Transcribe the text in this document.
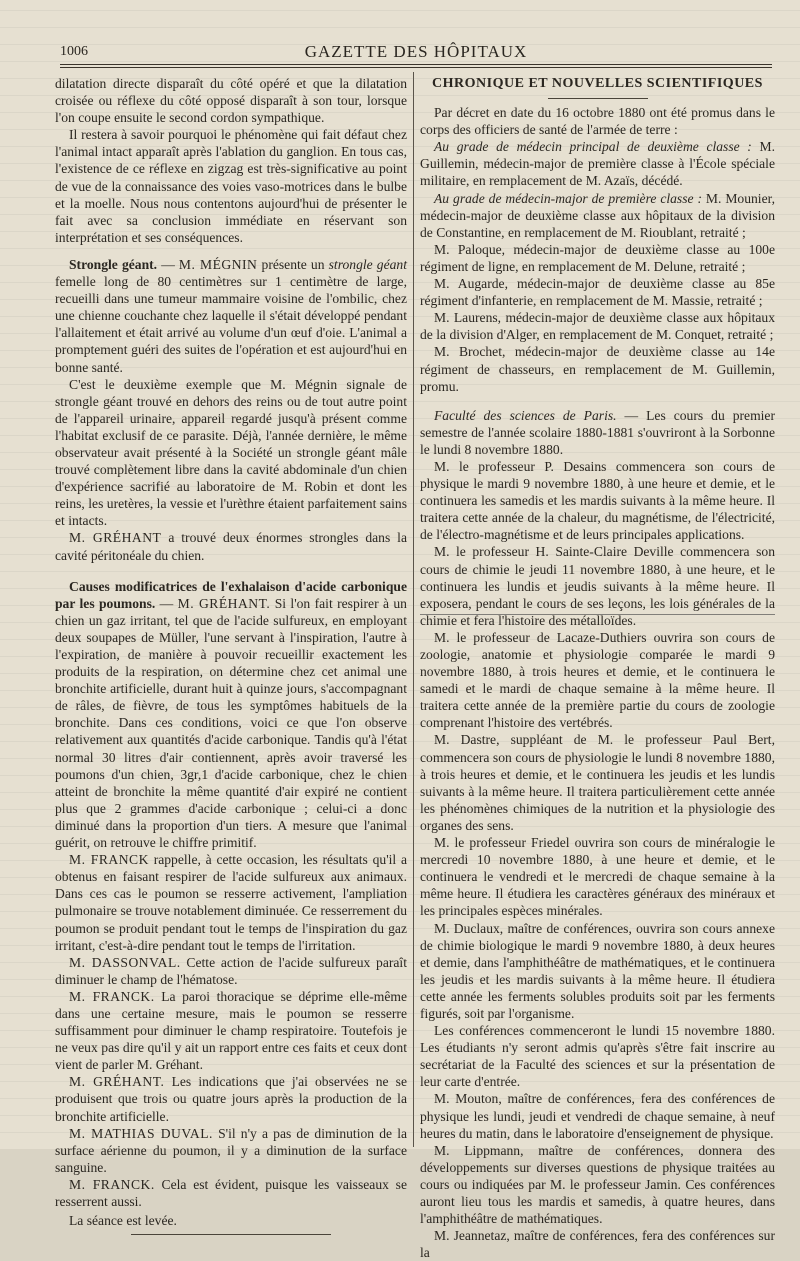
1006	GAZETTE DES HÔPITAUX

dilatation directe disparaît du côté opéré et que la dilatation croisée ou réflexe du côté opposé disparaît à son tour, lorsque l'on coupe ensuite le second cordon sympathique.

Il restera à savoir pourquoi le phénomène qui fait défaut chez l'animal intact apparaît après l'ablation du ganglion. En tous cas, l'existence de ce réflexe en zigzag est très-significative au point de vue de la connaissance des voies vaso-motrices dans le bulbe et la moelle. Nous nous contentons aujourd'hui de présenter le fait avec sa conclusion immédiate en réservant son interprétation et ses conséquences.

Strongle géant. — M. MÉGNIN présente un strongle géant femelle long de 80 centimètres sur 1 centimètre de large, recueilli dans une tumeur mammaire voisine de l'ombilic, chez une chienne couchante chez laquelle il s'était développé pendant l'allaitement et était arrivé au volume d'un œuf d'oie. L'animal a promptement guéri des suites de l'opération et est aujourd'hui en bonne santé.

C'est le deuxième exemple que M. Mégnin signale de strongle géant trouvé en dehors des reins ou de tout autre point de l'appareil urinaire, appareil regardé jusqu'à présent comme l'habitat exclusif de ce parasite. Déjà, l'année dernière, le même observateur avait présenté à la Société un strongle géant mâle trouvé complètement libre dans la cavité abdominale d'un chien d'expérience sacrifié au laboratoire de M. Robin et dont les reins, les uretères, la vessie et l'urèthre étaient parfaitement sains et intacts.

M. GRÉHANT a trouvé deux énormes strongles dans la cavité péritonéale du chien.

Causes modificatrices de l'exhalaison d'acide carbonique par les poumons. — M. GRÉHANT. Si l'on fait respirer à un chien un gaz irritant, tel que de l'acide sulfureux, en employant deux soupapes de Müller, l'une servant à l'inspiration, l'autre à l'expiration, de manière à pouvoir recueillir exactement les produits de la respiration, on détermine chez cet animal une bronchite artificielle, durant huit à quinze jours, s'accompagnant de râles, de fièvre, de tous les symptômes habituels de la bronchite. Dans ces conditions, voici ce que l'on observe relativement aux quantités d'acide carbonique. Tandis qu'à l'état normal 30 litres d'air contiennent, après avoir traversé les poumons d'un chien, 3gr,1 d'acide carbonique, chez le chien atteint de bronchite la même quantité d'air expiré ne contient plus que 2 grammes d'acide carbonique ; celui-ci a donc diminué dans la proportion d'un tiers. A mesure que l'animal guérit, on retrouve le chiffre primitif.

M. FRANCK rappelle, à cette occasion, les résultats qu'il a obtenus en faisant respirer de l'acide sulfureux aux animaux. Dans ces cas le poumon se resserre activement, l'ampliation pulmonaire se trouve notablement diminuée. Ce resserrement du poumon se produit pendant tout le temps de l'inspiration du gaz irritant, c'est-à-dire pendant tout le temps de l'irritation.

M. DASSONVAL. Cette action de l'acide sulfureux paraît diminuer le champ de l'hématose.

M. FRANCK. La paroi thoracique se déprime elle-même dans une certaine mesure, mais le poumon se resserre suffisamment pour diminuer le champ respiratoire. Toutefois je ne veux pas dire qu'il y ait un rapport entre ces faits et ceux dont vient de parler M. Gréhant.

M. GRÉHANT. Les indications que j'ai observées ne se produisent que trois ou quatre jours après la production de la bronchite artificielle.

M. MATHIAS DUVAL. S'il n'y a pas de diminution de la surface aérienne du poumon, il y a diminution de la surface sanguine.

M. FRANCK. Cela est évident, puisque les vaisseaux se resserrent aussi.

La séance est levée.

CHRONIQUE ET NOUVELLES SCIENTIFIQUES

Par décret en date du 16 octobre 1880 ont été promus dans le corps des officiers de santé de l'armée de terre :

Au grade de médecin principal de deuxième classe : M. Guillemin, médecin-major de première classe à l'École spéciale militaire, en remplacement de M. Azaïs, décédé.

Au grade de médecin-major de première classe : M. Mounier, médecin-major de deuxième classe aux hôpitaux de la division de Constantine, en remplacement de M. Rioublant, retraité ;

M. Paloque, médecin-major de deuxième classe au 100e régiment de ligne, en remplacement de M. Delune, retraité ;

M. Augarde, médecin-major de deuxième classe au 85e régiment d'infanterie, en remplacement de M. Massie, retraité ;

M. Laurens, médecin-major de deuxième classe aux hôpitaux de la division d'Alger, en remplacement de M. Conquet, retraité ;

M. Brochet, médecin-major de deuxième classe au 14e régiment de chasseurs, en remplacement de M. Guillemin, promu.

Faculté des sciences de Paris. — Les cours du premier semestre de l'année scolaire 1880-1881 s'ouvriront à la Sorbonne le lundi 8 novembre 1880.

M. le professeur P. Desains commencera son cours de physique le mardi 9 novembre 1880, à une heure et demie, et le continuera les samedis et les mardis suivants à la même heure. Il traitera cette année de la chaleur, du magnétisme, de l'électricité, de l'électro-magnétisme et de leurs principales applications.

M. le professeur H. Sainte-Claire Deville commencera son cours de chimie le jeudi 11 novembre 1880, à une heure, et le continuera les lundis et jeudis suivants à la même heure. Il exposera, pendant le cours de ses leçons, les lois générales de la chimie et fera l'histoire des métalloïdes.

M. le professeur de Lacaze-Duthiers ouvrira son cours de zoologie, anatomie et physiologie comparée le mardi 9 novembre 1880, à trois heures et demie, et le continuera le samedi et le mardi de chaque semaine à la même heure. Il traitera cette année de la première partie du cours de zoologie comprenant l'histoire des vertébrés.

M. Dastre, suppléant de M. le professeur Paul Bert, commencera son cours de physiologie le lundi 8 novembre 1880, à trois heures et demie, et le continuera les jeudis et les lundis suivants à la même heure. Il traitera particulièrement cette année les phénomènes chimiques de la nutrition et la physiologie des organes des sens.

M. le professeur Friedel ouvrira son cours de minéralogie le mercredi 10 novembre 1880, à une heure et demie, et le continuera le vendredi et le mercredi de chaque semaine à la même heure. Il étudiera les caractères généraux des minéraux et les principales espèces minérales.

M. Duclaux, maître de conférences, ouvrira son cours annexe de chimie biologique le mardi 9 novembre 1880, à deux heures et demie, dans l'amphithéâtre de mathématiques, et le continuera les jeudis et les mardis suivants à la même heure. Il étudiera cette année les ferments solubles produits soit par les ferments figurés, soit par l'organisme.

Les conférences commenceront le lundi 15 novembre 1880. Les étudiants n'y seront admis qu'après s'être fait inscrire au secrétariat de la Faculté des sciences et sur la présentation de leur carte d'entrée.

M. Mouton, maître de conférences, fera des conférences de physique les lundi, jeudi et vendredi de chaque semaine, à neuf heures du matin, dans le laboratoire d'enseignement de physique.

M. Lippmann, maître de conférences, donnera des développements sur diverses questions de physique traitées au cours ou indiquées par M. le professeur Jamin. Ces conférences auront lieu tous les mardis et samedis, à quatre heures, dans l'amphithéâtre de mathématiques.

M. Jeannetaz, maître de conférences, fera des conférences sur la
